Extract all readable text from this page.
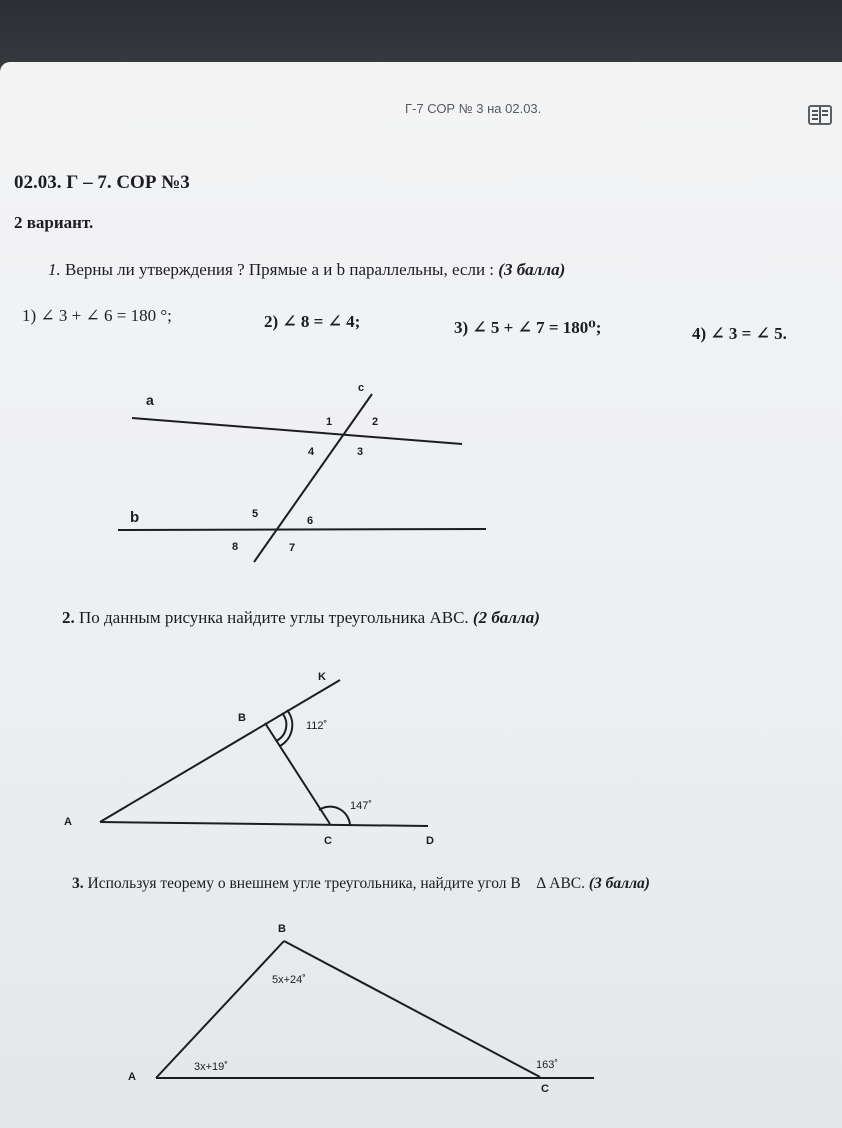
Г-7 СОР № 3 на 02.03.
02.03. Г – 7. СОР №3
2 вариант.
1. Верны ли утверждения ? Прямые а и b параллельны, если : (3 балла)
1) ∠ 3 + ∠ 6 = 180 °;	2) ∠ 8 = ∠ 4;	3) ∠ 5 + ∠ 7 = 180⁰;	4) ∠ 3 = ∠ 5.
a
b
c
1	2
3
4
5
6
7
8
A
B
C	D
K
112˚
147˚
A
B
C
5x+24˚
3x+19˚	163˚
2. По данным рисунка найдите углы треугольника АВС. (2 балла)
3. Используя теорему о внешнем угле треугольника, найдите угол B Δ ABC. (3 балла)
